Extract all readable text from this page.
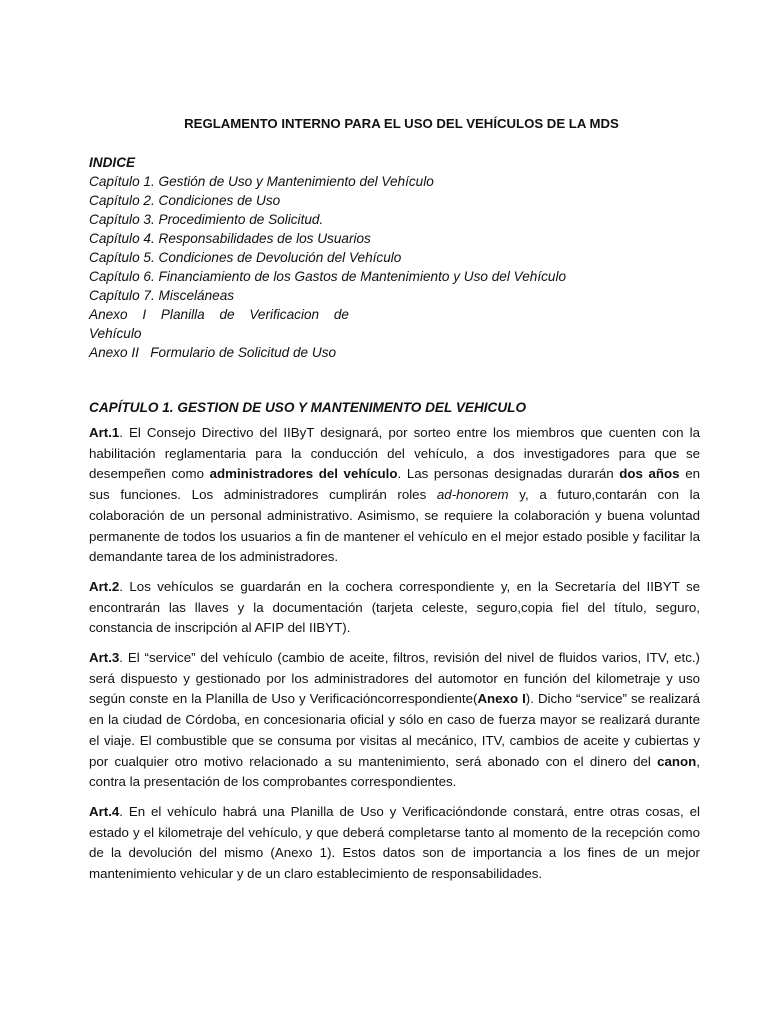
REGLAMENTO INTERNO PARA EL USO DEL VEHÍCULOS DE LA MDS

INDICE

Capítulo 1. Gestión de Uso y Mantenimiento del Vehículo

Capítulo 2. Condiciones de Uso

Capítulo 3. Procedimiento de Solicitud.

Capítulo 4. Responsabilidades de los Usuarios

Capítulo 5. Condiciones de Devolución del Vehículo

Capítulo 6. Financiamiento de los Gastos de Mantenimiento y Uso del Vehículo

Capítulo 7. Misceláneas

Anexo I Planilla de Verificacion de

Vehículo

Anexo II   Formulario de Solicitud de Uso

CAPÍTULO 1. GESTION DE USO Y MANTENIMENTO DEL VEHICULO

Art.1. El Consejo Directivo del IIByT designará, por sorteo entre los miembros que cuenten con la habilitación reglamentaria para la conducción del vehículo, a dos investigadores para que se desempeñen como administradores del vehículo. Las personas designadas durarán dos años en sus funciones. Los administradores cumplirán roles ad-honorem y, a futuro,contarán con la colaboración de un personal administrativo. Asimismo, se requiere la colaboración y buena voluntad permanente de todos los usuarios a fin de mantener el vehículo en el mejor estado posible y facilitar la demandante tarea de los administradores.

Art.2. Los vehículos se guardarán en la cochera correspondiente y, en la Secretaría del IIBYT se encontrarán las llaves y la documentación (tarjeta celeste, seguro,copia fiel del título, seguro, constancia de inscripción al AFIP del IIBYT).

Art.3. El “service” del vehículo (cambio de aceite, filtros, revisión del nivel de fluidos varios, ITV, etc.) será dispuesto y gestionado por los administradores del automotor en función del kilometraje y uso según conste en la Planilla de Uso y Verificacióncorrespondiente(Anexo I). Dicho “service” se realizará en la ciudad de Córdoba, en concesionaria oficial y sólo en caso de fuerza mayor se realizará durante el viaje. El combustible que se consuma por visitas al mecánico, ITV, cambios de aceite y cubiertas y por cualquier otro motivo relacionado a su mantenimiento, será abonado con el dinero del canon, contra la presentación de los comprobantes correspondientes.

Art.4. En el vehículo habrá una Planilla de Uso y Verificacióndonde constará, entre otras cosas, el estado y el kilometraje del vehículo, y que deberá completarse tanto al momento de la recepción como de la devolución del mismo (Anexo 1). Estos datos son de importancia a los fines de un mejor mantenimiento vehicular y de un claro establecimiento de responsabilidades.
